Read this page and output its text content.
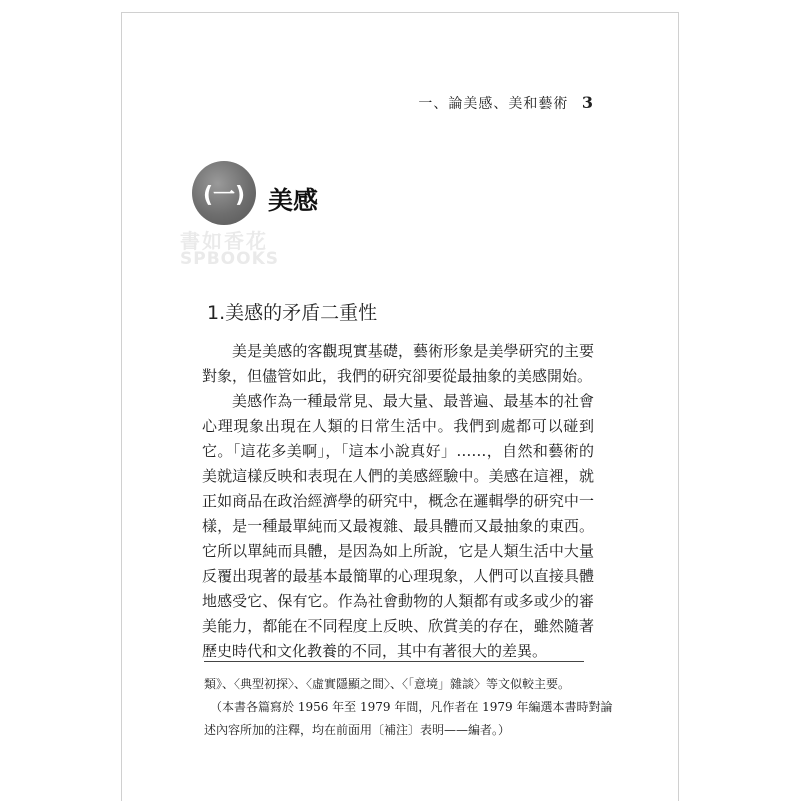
一、論美感、美和藝術 3
(一) 美感
書如香花
SPBOOKS
1.美感的矛盾二重性

美是美感的客觀現實基礎，藝術形象是美學研究的主要對象，但儘管如此，我們的研究卻要從最抽象的美感開始。

美感作為一種最常見、最大量、最普遍、最基本的社會心理現象出現在人類的日常生活中。我們到處都可以碰到它。「這花多美啊」，「這本小說真好」……，自然和藝術的美就這樣反映和表現在人們的美感經驗中。美感在這裡，就正如商品在政治經濟學的研究中，概念在邏輯學的研究中一樣，是一種最單純而又最複雜、最具體而又最抽象的東西。它所以單純而具體，是因為如上所說，它是人類生活中大量反覆出現著的最基本最簡單的心理現象，人們可以直接具體地感受它、保有它。作為社會動物的人類都有或多或少的審美能力，都能在不同程度上反映、欣賞美的存在，雖然隨著歷史時代和文化教養的不同，其中有著很大的差異。

類》、〈典型初探〉、〈虛實隱顯之間〉、〈「意境」雜談〉等文似較主要。
（本書各篇寫於 1956 年至 1979 年間，凡作者在 1979 年編選本書時對論
述內容所加的注釋，均在前面用〔補注〕表明——編者。）
